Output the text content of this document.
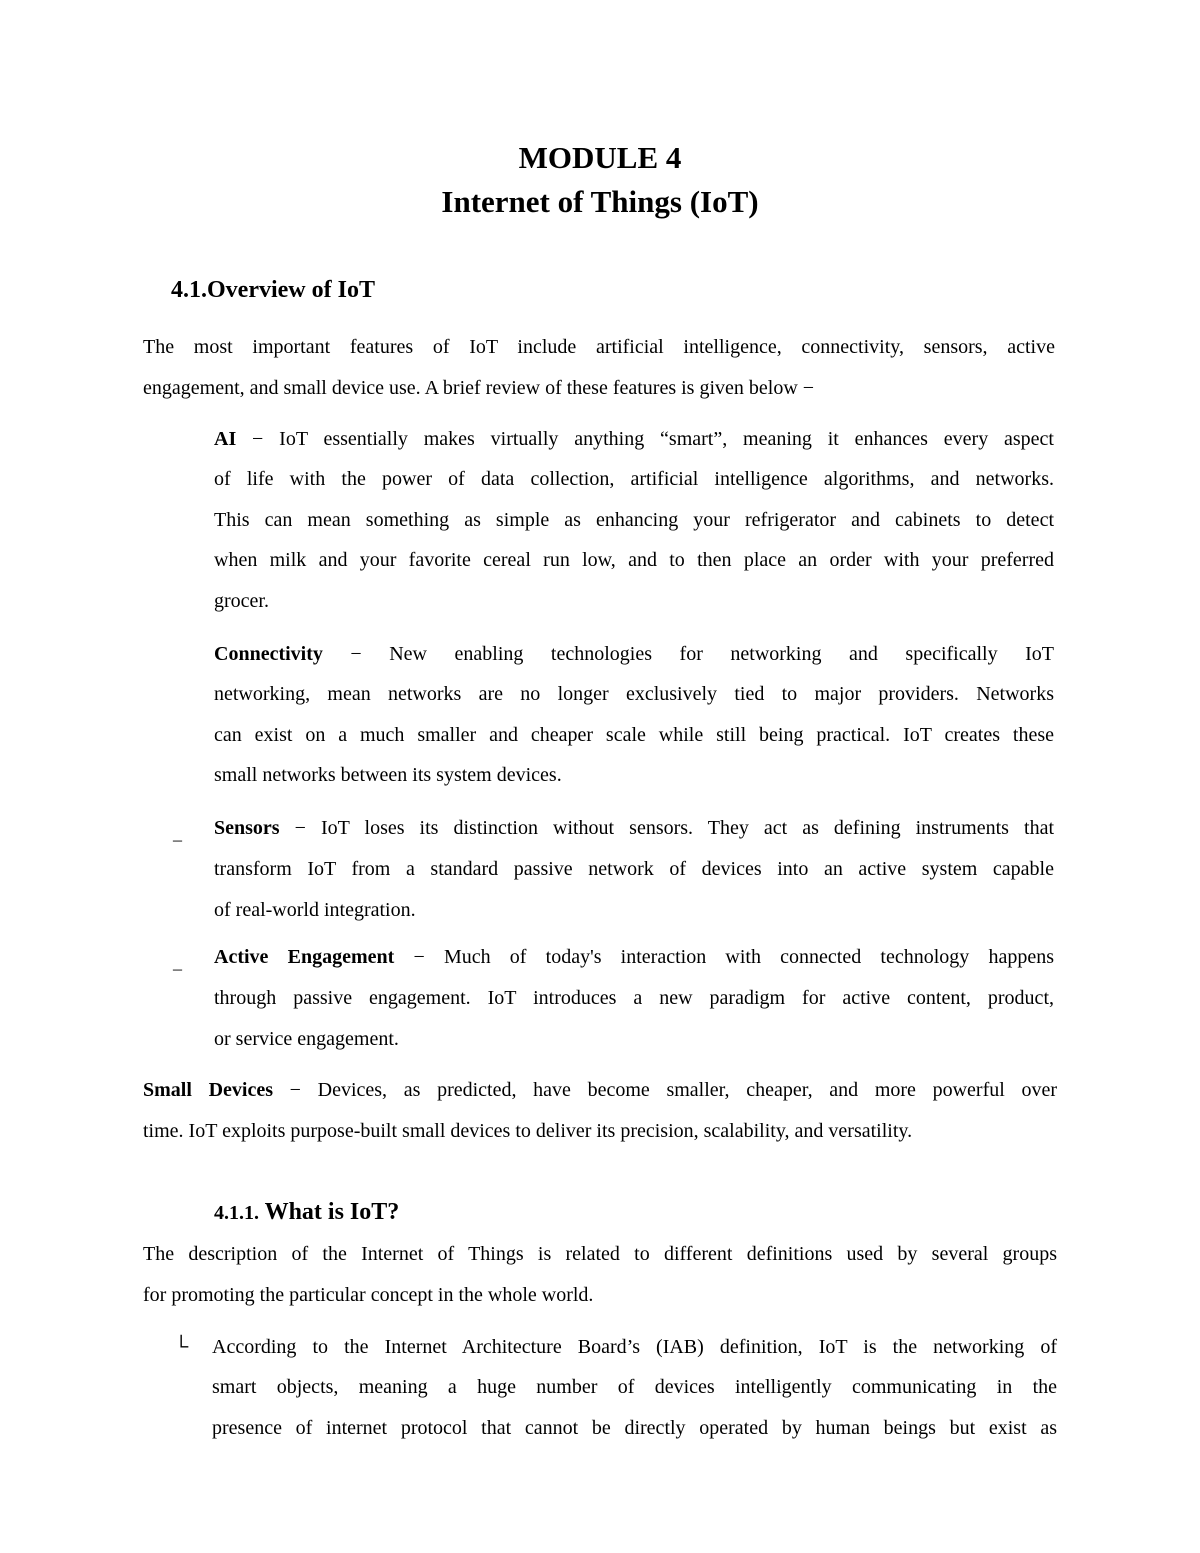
MODULE 4
Internet of Things (IoT)
4.1.Overview of IoT
The most important features of IoT include artificial intelligence, connectivity, sensors, active
engagement, and small device use. A brief review of these features is given below −
AI − IoT essentially makes virtually anything “smart”, meaning it enhances every aspect
of life with the power of data collection, artificial intelligence algorithms, and networks.
This can mean something as simple as enhancing your refrigerator and cabinets to detect
when milk and your favorite cereal run low, and to then place an order with your preferred
grocer.
Connectivity − New enabling technologies for networking and specifically IoT
networking, mean networks are no longer exclusively tied to major providers. Networks
can exist on a much smaller and cheaper scale while still being practical. IoT creates these
small networks between its system devices.
_ Sensors − IoT loses its distinction without sensors. They act as defining instruments that
transform IoT from a standard passive network of devices into an active system capable
of real-world integration.
_ Active Engagement − Much of today's interaction with connected technology happens
through passive engagement. IoT introduces a new paradigm for active content, product,
or service engagement.
Small Devices − Devices, as predicted, have become smaller, cheaper, and more powerful over
time. IoT exploits purpose-built small devices to deliver its precision, scalability, and versatility.
4.1.1. What is IoT?
The description of the Internet of Things is related to different definitions used by several groups
for promoting the particular concept in the whole world.
└ According to the Internet Architecture Board’s (IAB) definition, IoT is the networking of
smart objects, meaning a huge number of devices intelligently communicating in the
presence of internet protocol that cannot be directly operated by human beings but exist as
